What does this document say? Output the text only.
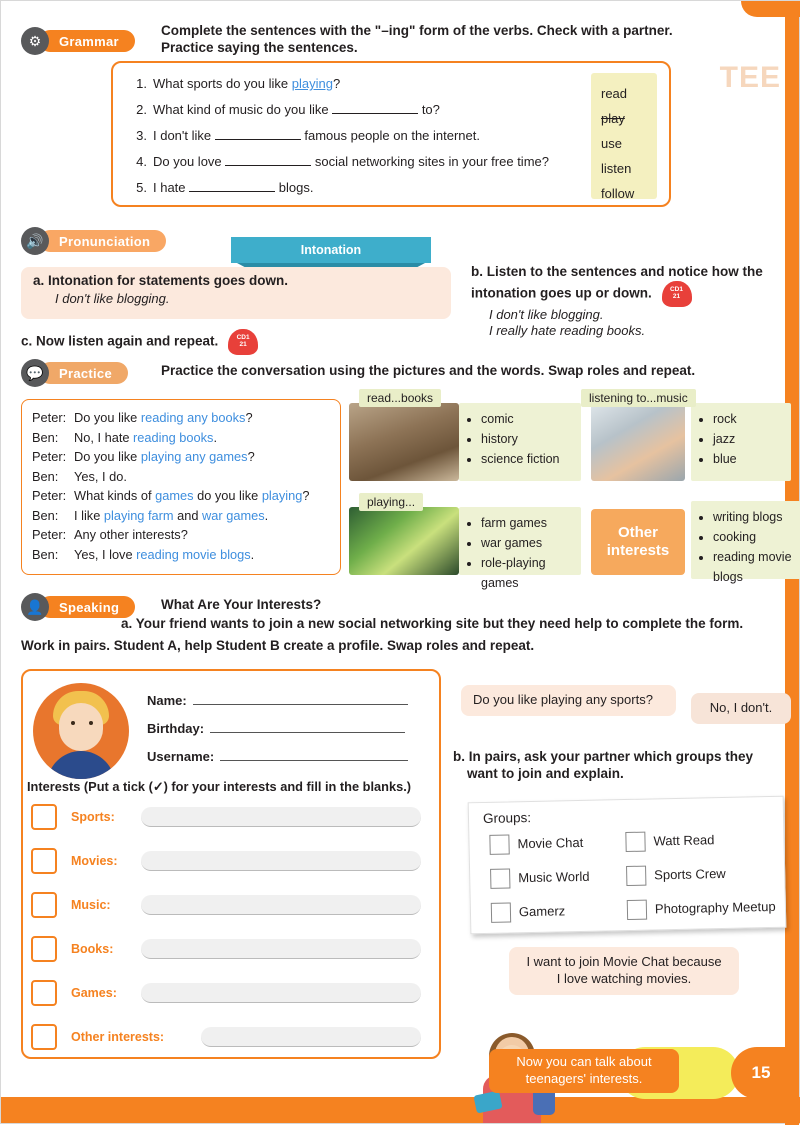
TEE
⚙	Grammar
Complete the sentences with the "–ing" form of the verbs. Check with a partner.
Practice saying the sentences.
1. What sports do you like playing?
2. What kind of music do you like	to?
3. I don't like	famous people on the internet.
4. Do you love	social networking sites in your free time?
5. I hate	blogs.
read
play
use
listen
follow
🔊	Pronunciation
Intonation
a. Intonation for statements goes down.
I don't like blogging.
b. Listen to the sentences and notice how the intonation goes up or down.	CD1
21
I don't like blogging.
I really hate reading books.
c. Now listen again and repeat.	CD1
21
💬	Practice	Practice the conversation using the pictures and the words. Swap roles and repeat.
Peter: Do you like reading any books?
Ben: No, I hate reading books.
Peter: Do you like playing any games?
Ben: Yes, I do.
Peter: What kinds of games do you like playing?
Ben: I like playing farm and war games.
Peter: Any other interests?
Ben: Yes, I love reading movie blogs.
read...books
• comic
• history
• science fiction
listening to...music
• rock
• jazz
• blue
playing...
• farm games
• war games
• role-playing games
Other interests
• writing blogs
• cooking
• reading movie blogs
👤	Speaking	What Are Your Interests?
a. Your friend wants to join a new social networking site but they need help to complete the form.
Work in pairs. Student A, help Student B create a profile. Swap roles and repeat.
Name:
Birthday:
Username:
Interests (Put a tick (✓) for your interests and fill in the blanks.)
Sports:
Movies:
Music:
Books:
Games:
Other interests:
Do you like playing any sports?
No, I don't.
b. In pairs, ask your partner which groups they
want to join and explain.
Groups:
Movie Chat	Watt Read
Music World	Sports Crew
Gamerz	Photography Meetup
I want to join Movie Chat because
I love watching movies.
15
Now you can talk about
teenagers' interests.
